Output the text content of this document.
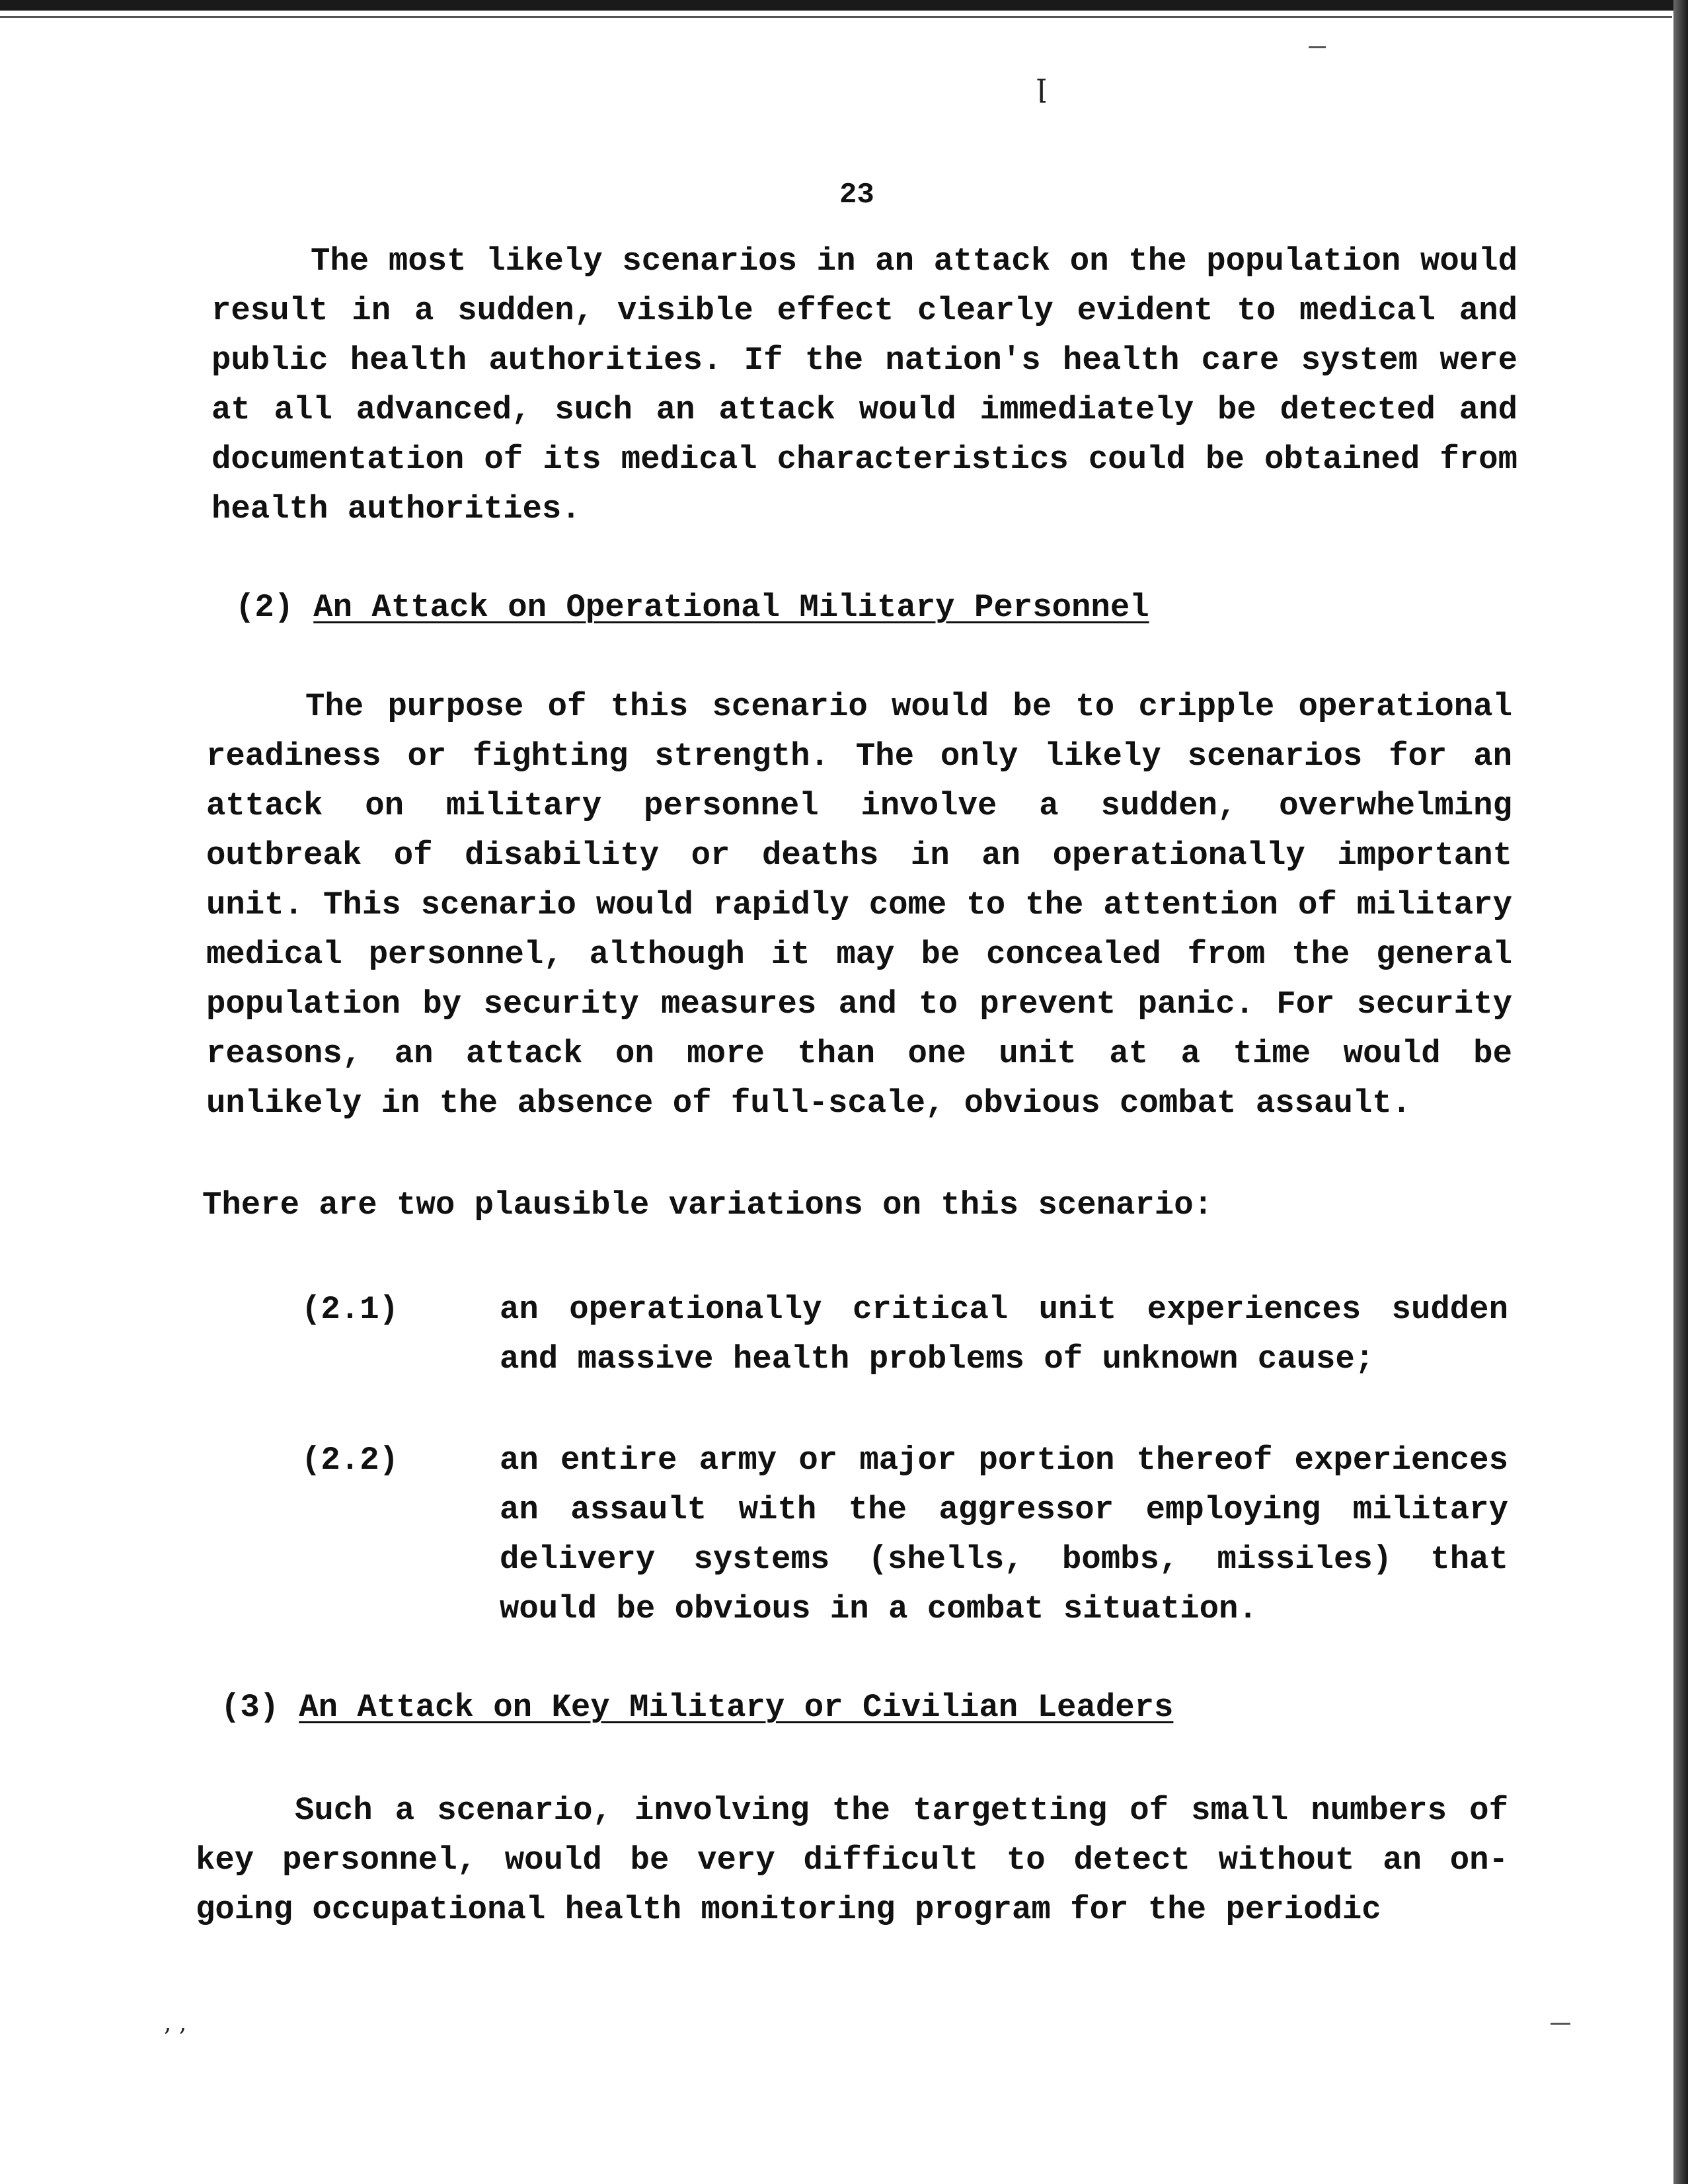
ꞁ
, ,
23

The most likely scenarios in an attack on the population would result in a sudden, visible effect clearly evident to medical and public health authorities. If the nation's health care system were at all advanced, such an attack would immediately be detected and documentation of its medical characteristics could be obtained from health authorities.

(2) An Attack on Operational Military Personnel

The purpose of this scenario would be to cripple operational readiness or fighting strength. The only likely scenarios for an attack on military personnel involve a sudden, overwhelming outbreak of disability or deaths in an operationally important unit. This scenario would rapidly come to the attention of military medical personnel, although it may be concealed from the general population by security measures and to prevent panic. For security reasons, an attack on more than one unit at a time would be unlikely in the absence of full-scale, obvious combat assault.

There are two plausible variations on this scenario:

(2.1)	an operationally critical unit experiences sudden and massive health problems of unknown cause;
(2.2)	an entire army or major portion thereof experiences an assault with the aggressor employing military delivery systems (shells, bombs, missiles) that would be obvious in a combat situation.
(3) An Attack on Key Military or Civilian Leaders

Such a scenario, involving the targetting of small numbers of key personnel, would be very difficult to detect without an on-going occupational health monitoring program for the periodic
